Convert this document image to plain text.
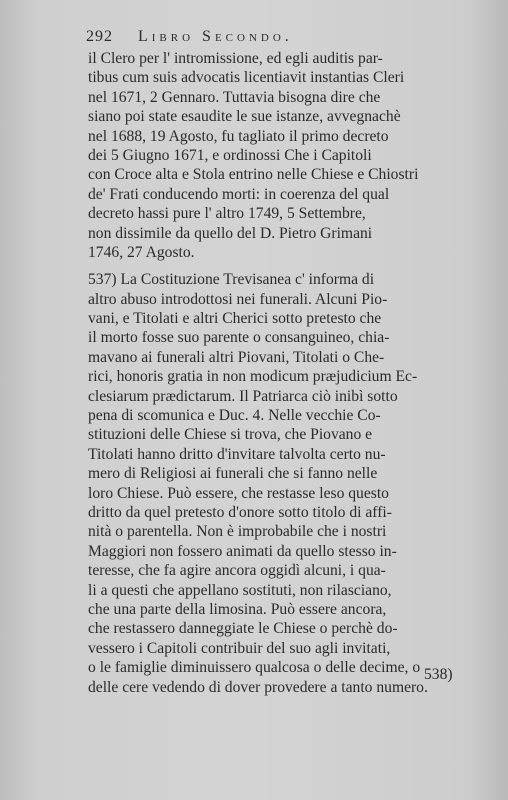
292 Libro Secondo.
il Clero per l' intromissione, ed egli auditis par-
tibus cum suis advocatis licentiavit instantias Cleri
nel 1671, 2 Gennaro. Tuttavia bisogna dire che
siano poi state esaudite le sue istanze, avvegnachè
nel 1688, 19 Agosto, fu tagliato il primo decreto
dei 5 Giugno 1671, e ordinossi Che i Capitoli
con Croce alta e Stola entrino nelle Chiese e Chiostri
de' Frati conducendo morti: in coerenza del qual
decreto hassi pure l' altro 1749, 5 Settembre,
non dissimile da quello del D. Pietro Grimani
1746, 27 Agosto.
537) La Costituzione Trevisanea c' informa di
altro abuso introdottosi nei funerali. Alcuni Pio-
vani, e Titolati e altri Cherici sotto pretesto che
il morto fosse suo parente o consanguineo, chia-
mavano ai funerali altri Piovani, Titolati o Che-
rici, honoris gratia in non modicum præjudicium Ec-
clesiarum prædictarum. Il Patriarca ciò inibì sotto
pena di scomunica e Duc. 4. Nelle vecchie Co-
stituzioni delle Chiese si trova, che Piovano e
Titolati hanno dritto d'invitare talvolta certo nu-
mero di Religiosi ai funerali che si fanno nelle
loro Chiese. Può essere, che restasse leso questo
dritto da quel pretesto d'onore sotto titolo di affi-
nità o parentella. Non è improbabile che i nostri
Maggiori non fossero animati da quello stesso in-
teresse, che fa agire ancora oggidì alcuni, i qua-
li a questi che appellano sostituti, non rilasciano,
che una parte della limosina. Può essere ancora,
che restassero danneggiate le Chiese o perchè do-
vessero i Capitoli contribuir del suo agli invitati,
o le famiglie diminuissero qualcosa o delle decime, o
delle cere vedendo di dover provedere a tanto numero.
538)
